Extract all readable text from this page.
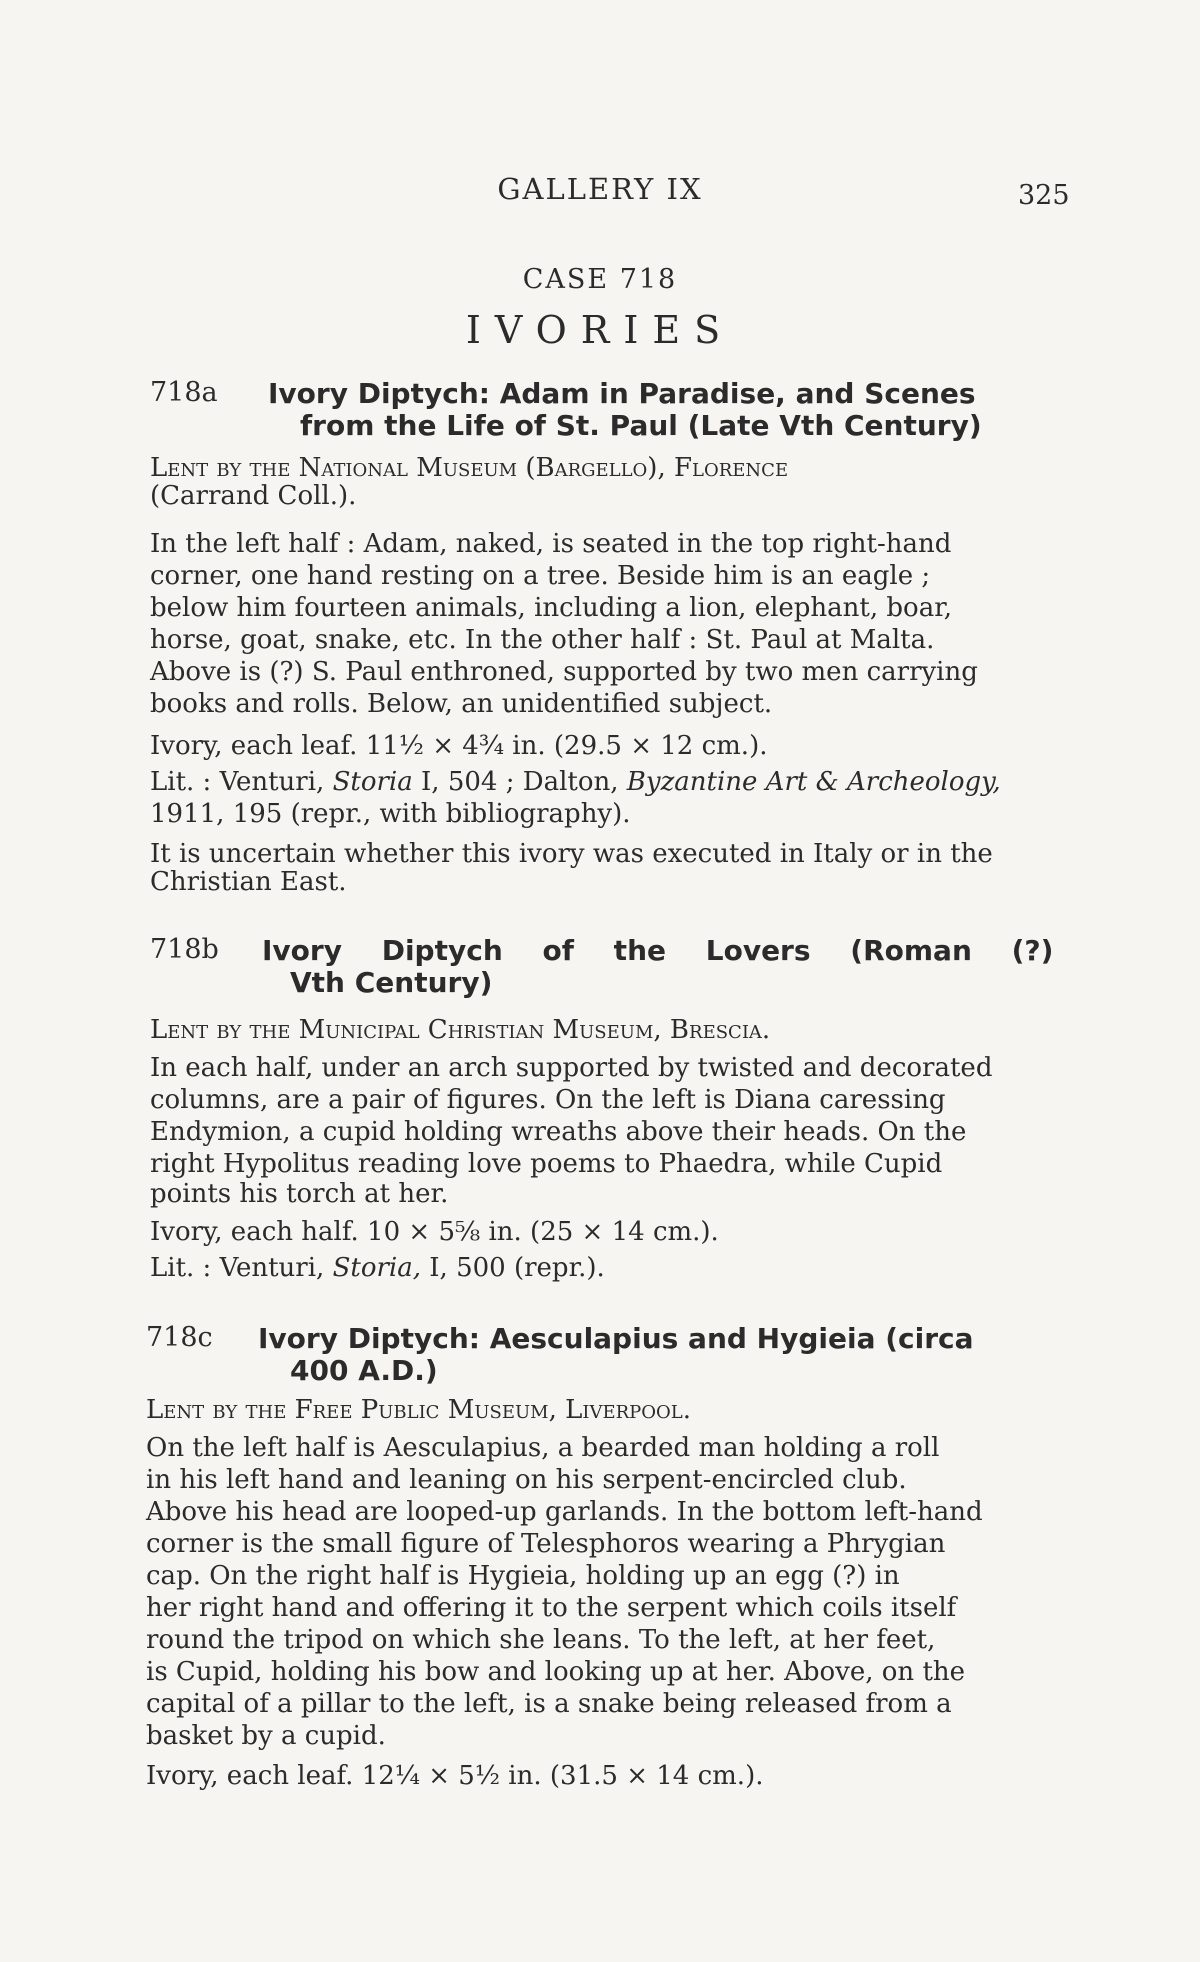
GALLERY IX	325
CASE 718
IVORIES
718a Ivory Diptych: Adam in Paradise, and Scenes
from the Life of St. Paul (Late Vth Century)
Lent by the National Museum (Bargello), Florence
(Carrand Coll.).
In the left half : Adam, naked, is seated in the top right-hand
corner, one hand resting on a tree. Beside him is an eagle ;
below him fourteen animals, including a lion, elephant, boar,
horse, goat, snake, etc. In the other half : St. Paul at Malta.
Above is (?) S. Paul enthroned, supported by two men carrying
books and rolls. Below, an unidentified subject.
Ivory, each leaf. 11½ × 4¾ in. (29.5 × 12 cm.).
Lit. : Venturi, Storia I, 504 ; Dalton, Byzantine Art & Archeology,
1911, 195 (repr., with bibliography).
It is uncertain whether this ivory was executed in Italy or in the
Christian East.
718b Ivory Diptych of the Lovers (Roman (?)
Vth Century)
Lent by the Municipal Christian Museum, Brescia.
In each half, under an arch supported by twisted and decorated
columns, are a pair of figures. On the left is Diana caressing
Endymion, a cupid holding wreaths above their heads. On the
right Hypolitus reading love poems to Phaedra, while Cupid
points his torch at her.
Ivory, each half. 10 × 5⅝ in. (25 × 14 cm.).
Lit. : Venturi, Storia, I, 500 (repr.).
718c Ivory Diptych: Aesculapius and Hygieia (circa
400 A.D.)
Lent by the Free Public Museum, Liverpool.
On the left half is Aesculapius, a bearded man holding a roll
in his left hand and leaning on his serpent-encircled club.
Above his head are looped-up garlands. In the bottom left-hand
corner is the small figure of Telesphoros wearing a Phrygian
cap. On the right half is Hygieia, holding up an egg (?) in
her right hand and offering it to the serpent which coils itself
round the tripod on which she leans. To the left, at her feet,
is Cupid, holding his bow and looking up at her. Above, on the
capital of a pillar to the left, is a snake being released from a
basket by a cupid.
Ivory, each leaf. 12¼ × 5½ in. (31.5 × 14 cm.).
